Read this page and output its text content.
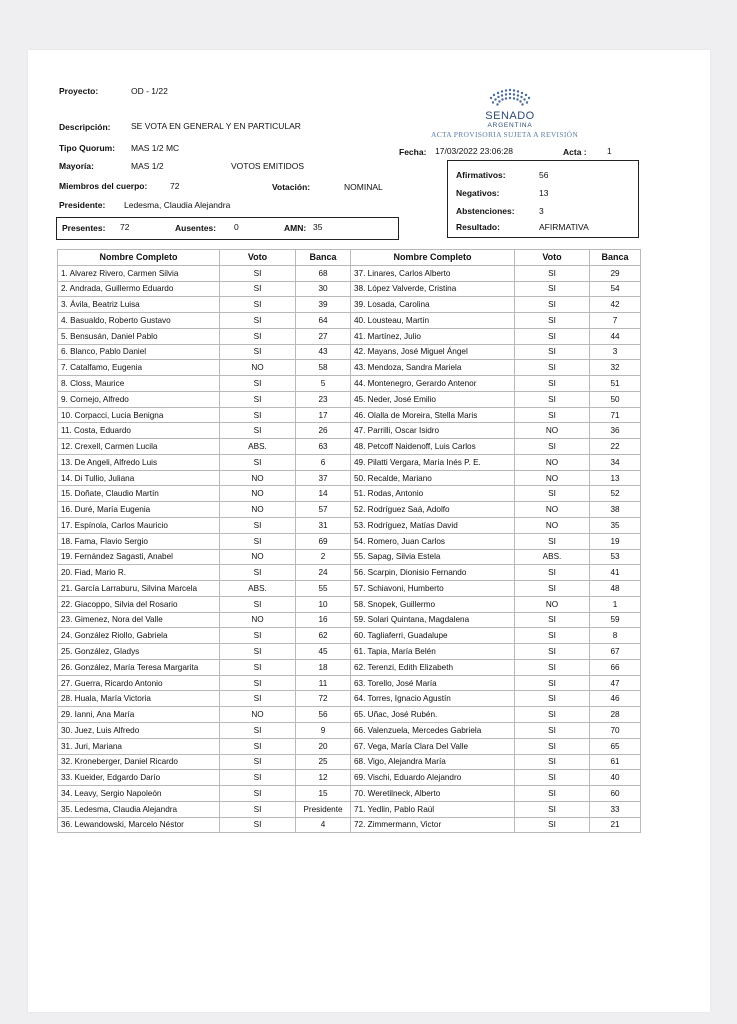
Proyecto:	OD - 1/22
Descripción: SE VOTA EN GENERAL Y EN PARTICULAR
Tipo Quorum: MAS 1/2 MC
Mayoría:	MAS 1/2	VOTOS EMITIDOS
Miembros del cuerpo:	72	Votación:	NOMINAL
Presidente: Ledesma, Claudia Alejandra
Fecha: 17/03/2022 23:06:28	Acta : 1
SENADO
ARGENTINA
ACTA PROVISORIA SUJETA A REVISIÓN
Presentes: 72	Ausentes: 0	AMN: 35
Afirmativos:	56
Negativos:	13
Abstenciones:	3
Resultado:	AFIRMATIVA
Nombre Completo	Voto	Banca	Nombre Completo	Voto	Banca
1. Alvarez Rivero, Carmen Silvia	SI	68	37. Linares, Carlos Alberto	SI	29
2. Andrada, Guillermo Eduardo	SI	30	38. López Valverde, Cristina	SI	54
3. Ávila, Beatriz Luisa	SI	39	39. Losada, Carolina	SI	42
4. Basualdo, Roberto Gustavo	SI	64	40. Lousteau, Martín	SI	7
5. Bensusán, Daniel Pablo	SI	27	41. Martínez, Julio	SI	44
6. Blanco, Pablo Daniel	SI	43	42. Mayans, José Miguel Ángel	SI	3
7. Catalfamo, Eugenia	NO	58	43. Mendoza, Sandra Mariela	SI	32
8. Closs, Maurice	SI	5	44. Montenegro, Gerardo Antenor	SI	51
9. Cornejo, Alfredo	SI	23	45. Neder, José Emilio	SI	50
10. Corpacci, Lucia Benigna	SI	17	46. Olalla de Moreira, Stella Maris	SI	71
11. Costa, Eduardo	SI	26	47. Parrilli, Oscar Isidro	NO	36
12. Crexell, Carmen Lucila	ABS.	63	48. Petcoff Naidenoff, Luis Carlos	SI	22
13. De Angeli, Alfredo Luis	SI	6	49. Pilatti Vergara, María Inés P. E.	NO	34
14. Di Tullio, Juliana	NO	37	50. Recalde, Mariano	NO	13
15. Doñate, Claudio Martín	NO	14	51. Rodas, Antonio	SI	52
16. Duré, María Eugenia	NO	57	52. Rodríguez Saá, Adolfo	NO	38
17. Espínola, Carlos Mauricio	SI	31	53. Rodríguez, Matías David	NO	35
18. Fama, Flavio Sergio	SI	69	54. Romero, Juan Carlos	SI	19
19. Fernández Sagasti, Anabel	NO	2	55. Sapag, Silvia Estela	ABS.	53
20. Fiad, Mario R.	SI	24	56. Scarpin, Dionisio Fernando	SI	41
21. García Larraburu, Silvina Marcela	ABS.	55	57. Schiavoni, Humberto	SI	48
22. Giacoppo, Silvia del Rosario	SI	10	58. Snopek, Guillermo	NO	1
23. Gimenez, Nora del Valle	NO	16	59. Solari Quintana, Magdalena	SI	59
24. González Riollo, Gabriela	SI	62	60. Tagliaferri, Guadalupe	SI	8
25. González, Gladys	SI	45	61. Tapia, María Belén	SI	67
26. González, María Teresa Margarita	SI	18	62. Terenzi, Edith Elizabeth	SI	66
27. Guerra, Ricardo Antonio	SI	11	63. Torello, José María	SI	47
28. Huala, María Victoria	SI	72	64. Torres, Ignacio Agustín	SI	46
29. Ianni, Ana María	NO	56	65. Uñac, José Rubén.	SI	28
30. Juez, Luis Alfredo	SI	9	66. Valenzuela, Mercedes Gabriela	SI	70
31. Juri, Mariana	SI	20	67. Vega, María Clara Del Valle	SI	65
32. Kroneberger, Daniel Ricardo	SI	25	68. Vigo, Alejandra María	SI	61
33. Kueider, Edgardo Darío	SI	12	69. Vischi, Eduardo Alejandro	SI	40
34. Leavy, Sergio Napoleón	SI	15	70. Weretilneck, Alberto	SI	60
35. Ledesma, Claudia Alejandra	SI	Presidente	71. Yedlin, Pablo Raúl	SI	33
36. Lewandowski, Marcelo Néstor	SI	4	72. Zimmermann, Victor	SI	21
